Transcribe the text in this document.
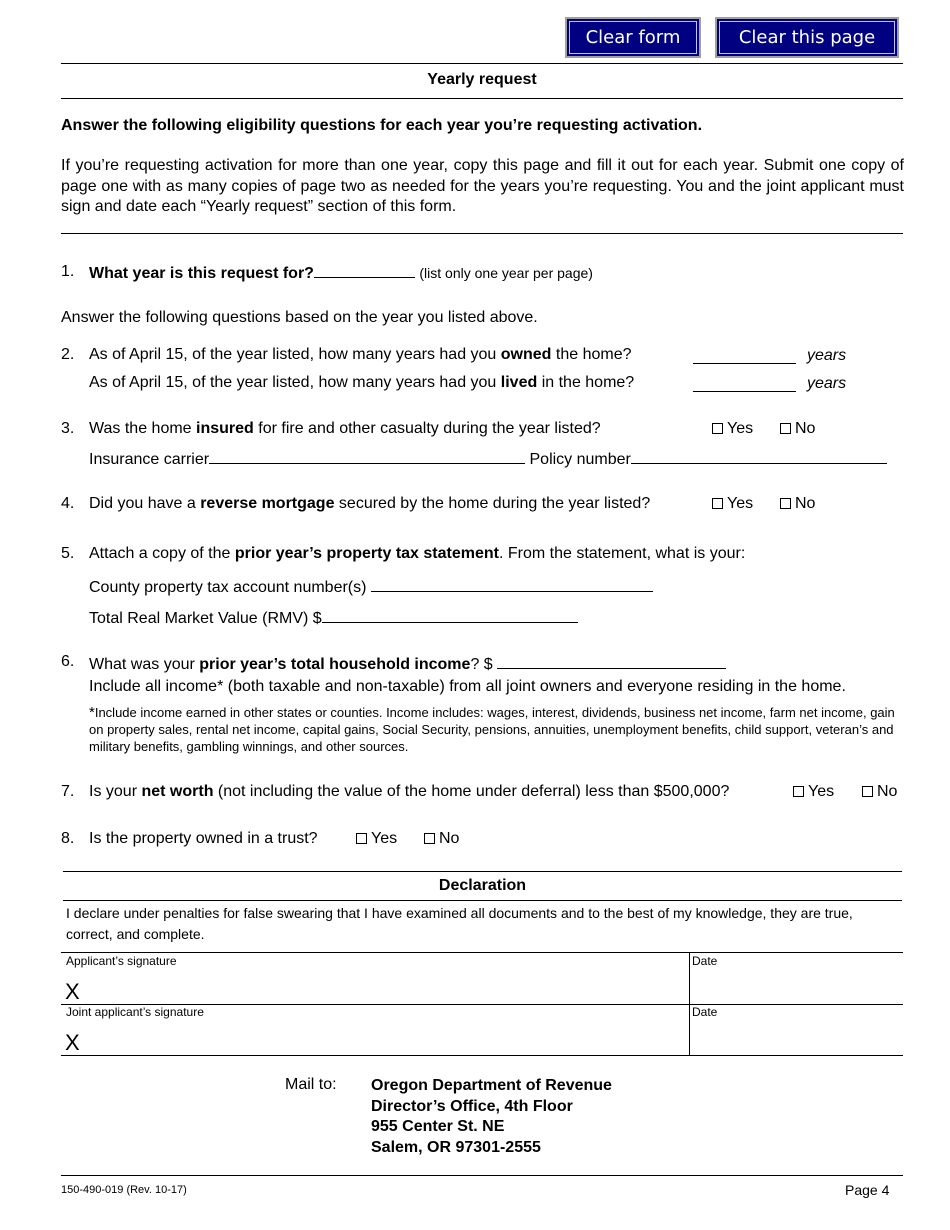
Clear form	Clear this page
Yearly request
Answer the following eligibility questions for each year you’re requesting activation.
If you’re requesting activation for more than one year, copy this page and fill it out for each year. Submit one copy of page one with as many copies of page two as needed for the years you’re requesting. You and the joint applicant must sign and date each “Yearly request” section of this form.
1. What year is this request for?	(list only one year per page)
Answer the following questions based on the year you listed above.
2. As of April 15, of the year listed, how many years had you owned the home?	years
As of April 15, of the year listed, how many years had you lived in the home?	years
3. Was the home insured for fire and other casualty during the year listed?	Yes	No
Insurance carrier	Policy number
4. Did you have a reverse mortgage secured by the home during the year listed?	Yes	No
5. Attach a copy of the prior year’s property tax statement. From the statement, what is your:
County property tax account number(s)
Total Real Market Value (RMV) $
6. What was your prior year’s total household income? $
Include all income* (both taxable and non-taxable) from all joint owners and everyone residing in the home.
*Include income earned in other states or counties. Income includes: wages, interest, dividends, business net income, farm net income, gain on property sales, rental net income, capital gains, Social Security, pensions, annuities, unemployment benefits, child support, veteran’s and military benefits, gambling winnings, and other sources.
7. Is your net worth (not including the value of the home under deferral) less than $500,000?	Yes	No
8. Is the property owned in a trust?	Yes	No
Declaration
I declare under penalties for false swearing that I have examined all documents and to the best of my knowledge, they are true, correct, and complete.
Applicant’s signature
X
Date
Joint applicant’s signature
X
Date
Mail to: Oregon Department of Revenue
Director’s Office, 4th Floor
955 Center St. NE
Salem, OR 97301-2555
150-490-019 (Rev. 10-17)	Page 4
